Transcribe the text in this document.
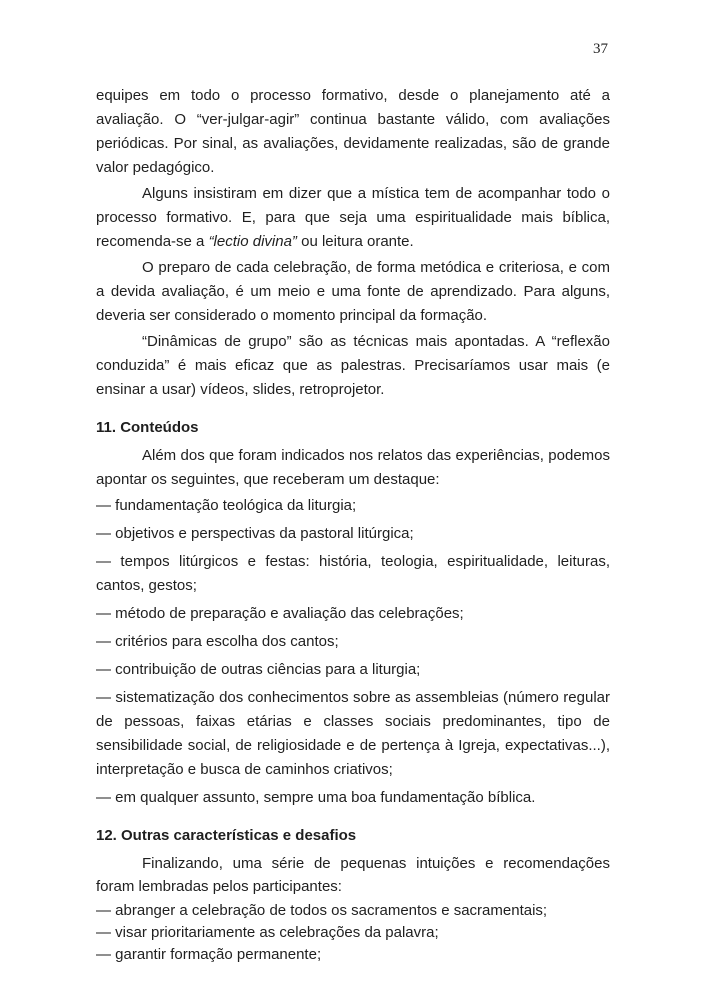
37

equipes em todo o processo formativo, desde o planejamento até a avaliação. O “ver-julgar-agir” continua bastante válido, com avaliações periódicas. Por sinal, as avaliações, devidamente realizadas, são de grande valor pedagógico.

Alguns insistiram em dizer que a mística tem de acompanhar todo o processo formativo. E, para que seja uma espiritualidade mais bíblica, recomenda-se a “lectio divina” ou leitura orante.

O preparo de cada celebração, de forma metódica e criteriosa, e com a devida avaliação, é um meio e uma fonte de aprendizado. Para alguns, deveria ser considerado o momento principal da formação.

“Dinâmicas de grupo” são as técnicas mais apontadas. A “reflexão conduzida” é mais eficaz que as palestras. Precisaríamos usar mais (e ensinar a usar) vídeos, slides, retroprojetor.

11. Conteúdos

Além dos que foram indicados nos relatos das experiências, podemos apontar os seguintes, que receberam um destaque:

— fundamentação teológica da liturgia;

— objetivos e perspectivas da pastoral litúrgica;

— tempos litúrgicos e festas: história, teologia, espiritualidade, leituras, cantos, gestos;

— método de preparação e avaliação das celebrações;

— critérios para escolha dos cantos;

— contribuição de outras ciências para a liturgia;

— sistematização dos conhecimentos sobre as assembleias (número regular de pessoas, faixas etárias e classes sociais predominantes, tipo de sensibilidade social, de religiosidade e de pertença à Igreja, expectativas...), interpretação e busca de caminhos criativos;

— em qualquer assunto, sempre uma boa fundamentação bíblica.

12. Outras características e desafios

Finalizando, uma série de pequenas intuições e recomendações foram lembradas pelos participantes:

— abranger a celebração de todos os sacramentos e sacramentais;

— visar prioritariamente as celebrações da palavra;

— garantir formação permanente;
